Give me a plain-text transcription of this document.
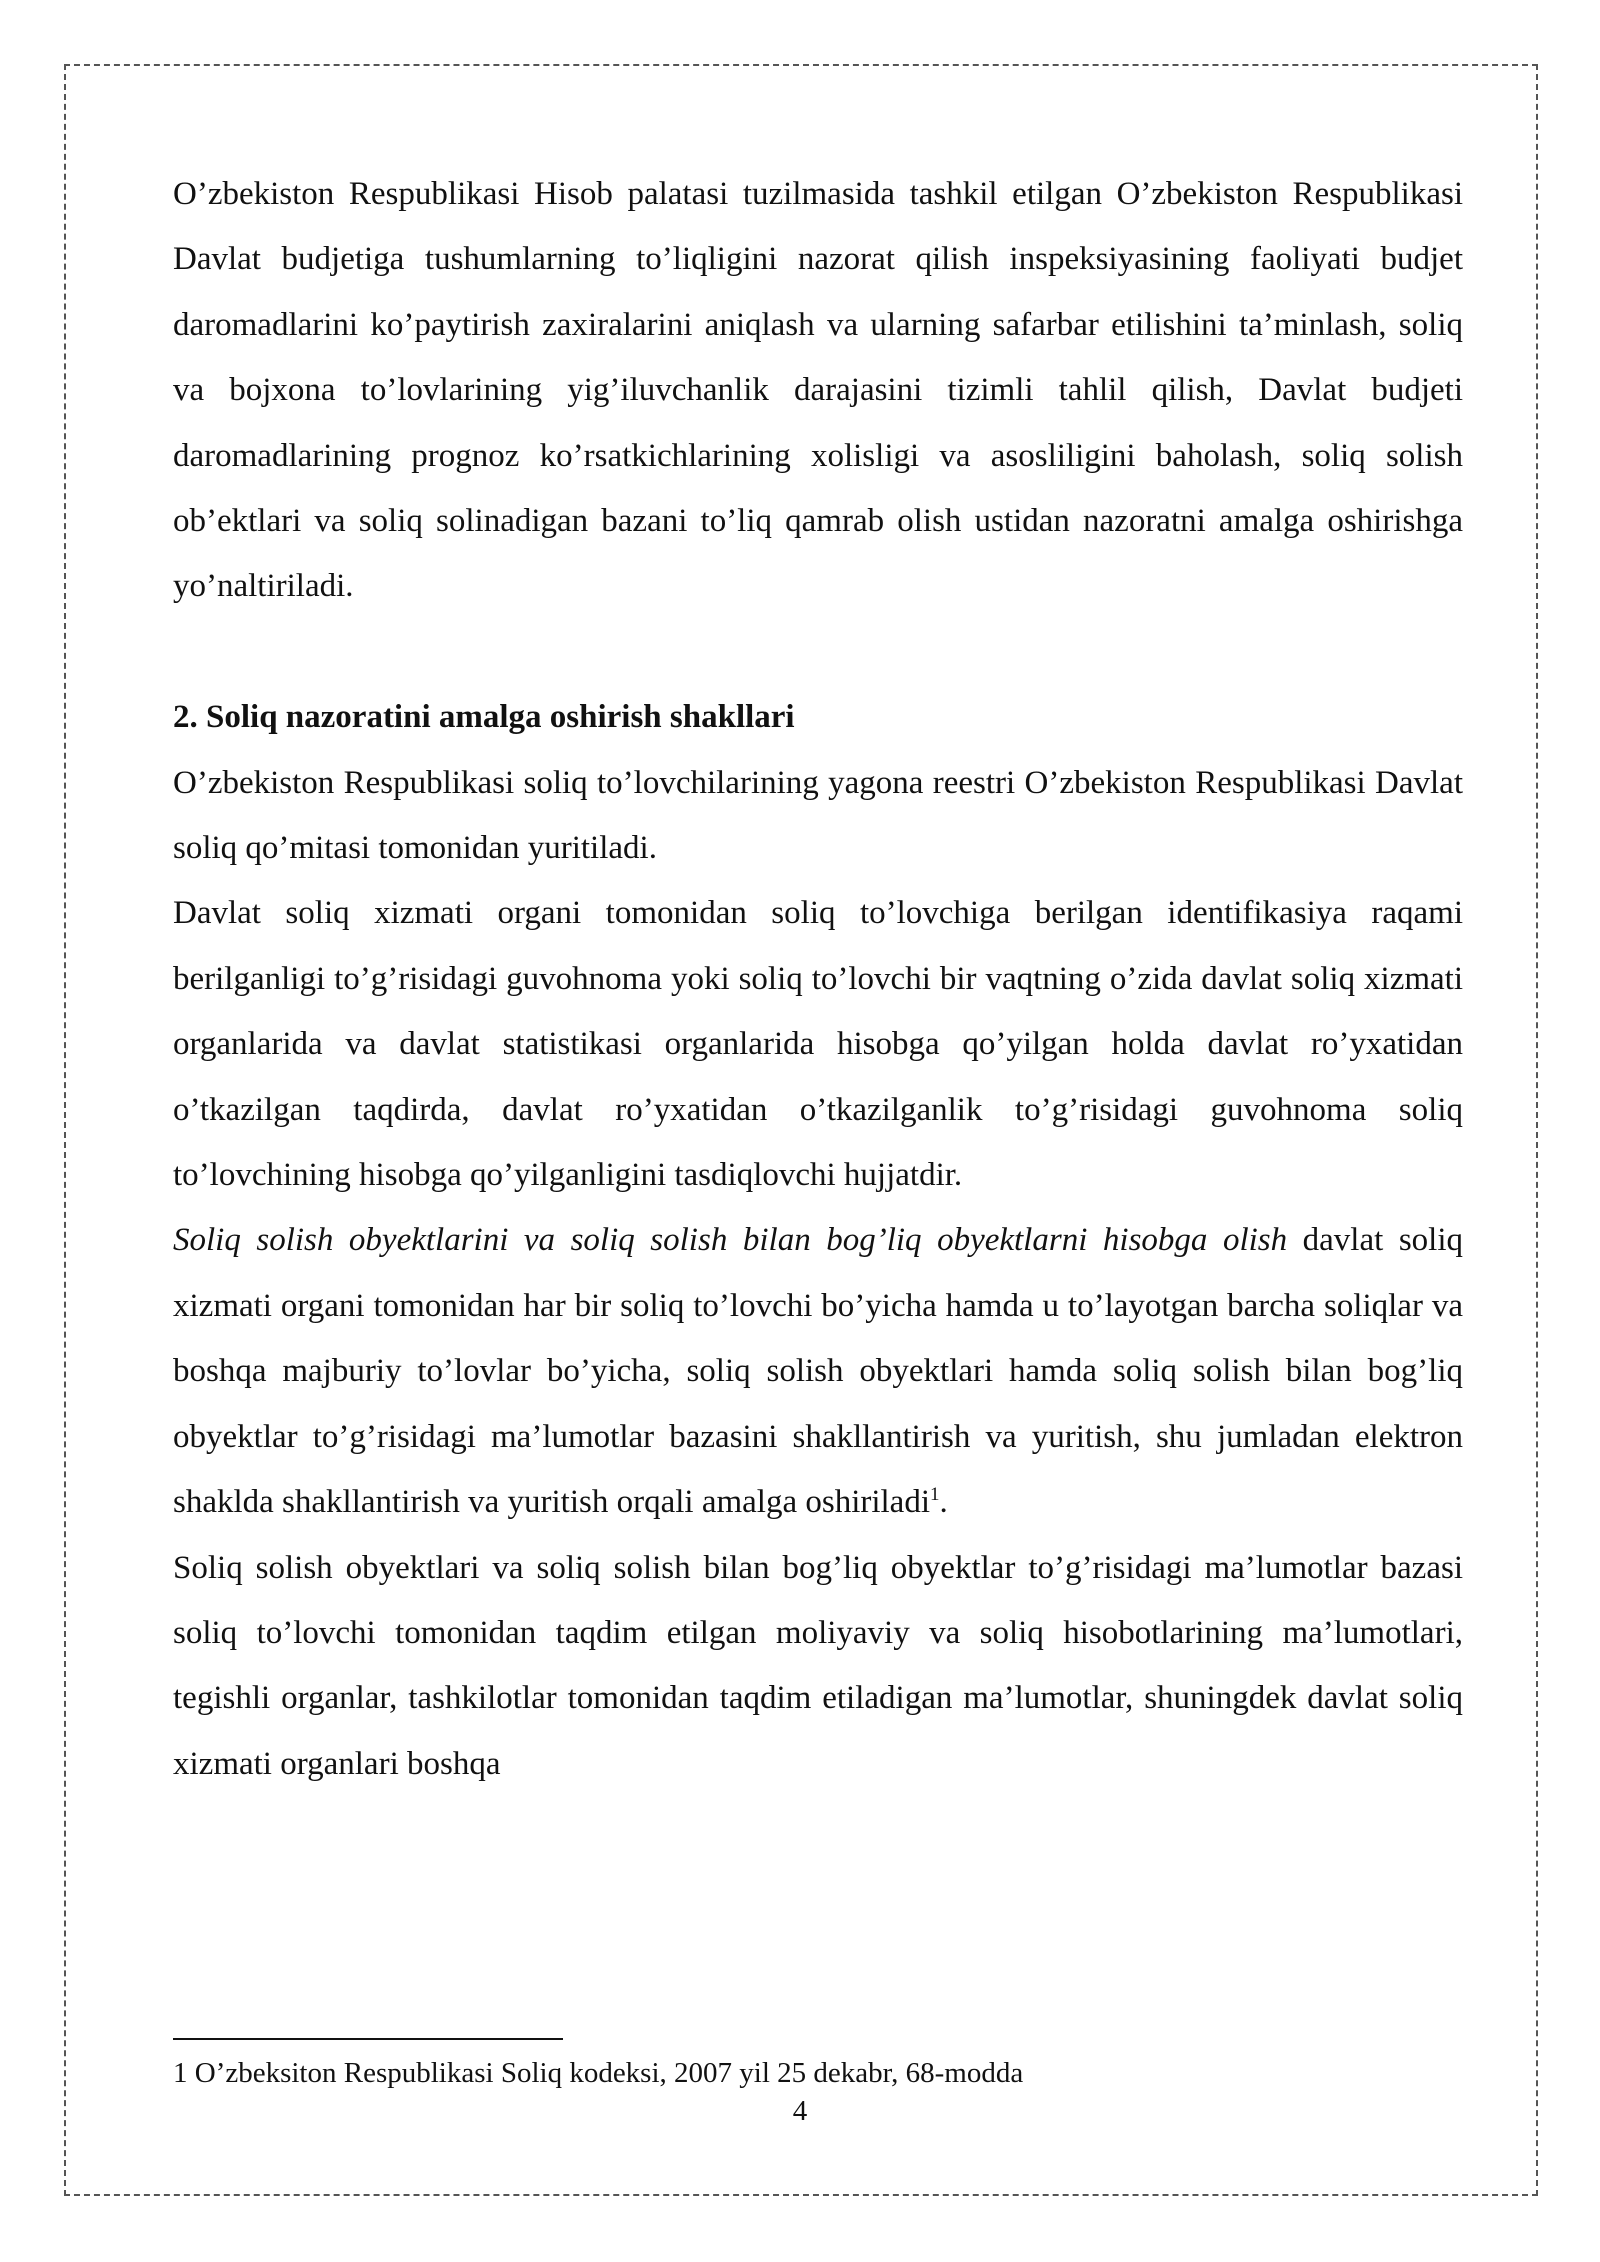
O’zbekiston Respublikasi Hisob palatasi tuzilmasida tashkil etilgan O’zbekiston Respublikasi Davlat budjetiga tushumlarning to’liqligini nazorat qilish inspeksiyasining faoliyati budjet daromadlarini ko’paytirish zaxiralarini aniqlash va ularning safarbar etilishini ta’minlash, soliq va bojxona to’lovlarining yig’iluvchanlik darajasini tizimli tahlil qilish, Davlat budjeti daromadlarining prognoz ko’rsatkichlarining xolisligi va asosliligini baholash, soliq solish ob’ektlari va soliq solinadigan bazani to’liq qamrab olish ustidan nazoratni amalga oshirishga yo’naltiriladi.

2. Soliq nazoratini amalga oshirish shakllari

O’zbekiston Respublikasi soliq to’lovchilarining yagona reestri O’zbekiston Respublikasi Davlat soliq qo’mitasi tomonidan yuritiladi.

Davlat soliq xizmati organi tomonidan soliq to’lovchiga berilgan identifikasiya raqami berilganligi to’g’risidagi guvohnoma yoki soliq to’lovchi bir vaqtning o’zida davlat soliq xizmati organlarida va davlat statistikasi organlarida hisobga qo’yilgan holda davlat ro’yxatidan o’tkazilgan taqdirda, davlat ro’yxatidan o’tkazilganlik to’g’risidagi guvohnoma soliq to’lovchining hisobga qo’yilganligini tasdiqlovchi hujjatdir.

Soliq solish obyektlarini va soliq solish bilan bog’liq obyektlarni hisobga olish davlat soliq xizmati organi tomonidan har bir soliq to’lovchi bo’yicha hamda u to’layotgan barcha soliqlar va boshqa majburiy to’lovlar bo’yicha, soliq solish obyektlari hamda soliq solish bilan bog’liq obyektlar to’g’risidagi ma’lumotlar bazasini shakllantirish va yuritish, shu jumladan elektron shaklda shakllantirish va yuritish orqali amalga oshiriladi$^1$.

Soliq solish obyektlari va soliq solish bilan bog’liq obyektlar to’g’risidagi ma’lumotlar bazasi soliq to’lovchi tomonidan taqdim etilgan moliyaviy va soliq hisobotlarining ma’lumotlari, tegishli organlar, tashkilotlar tomonidan taqdim etiladigan ma’lumotlar, shuningdek davlat soliq xizmati organlari boshqa

1 O’zbeksiton Respublikasi Soliq kodeksi, 2007 yil 25 dekabr, 68-modda

4
